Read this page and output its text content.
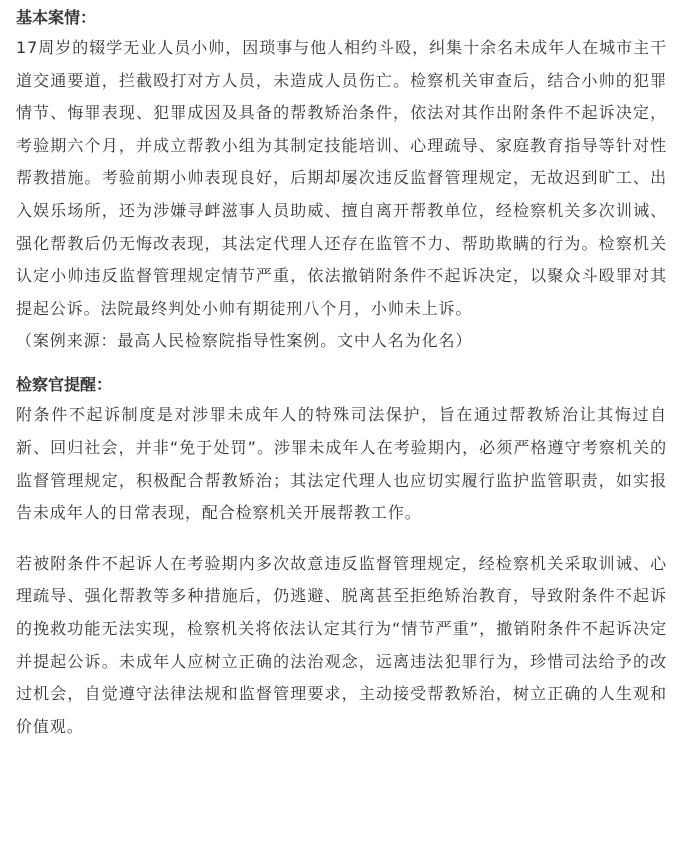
基本案情：

17周岁的辍学无业人员小帅，因琐事与他人相约斗殴，纠集十余名未成年人在城市主干道交通要道，拦截殴打对方人员，未造成人员伤亡。检察机关审查后，结合小帅的犯罪情节、悔罪表现、犯罪成因及具备的帮教矫治条件，依法对其作出附条件不起诉决定，考验期六个月，并成立帮教小组为其制定技能培训、心理疏导、家庭教育指导等针对性帮教措施。考验前期小帅表现良好，后期却屡次违反监督管理规定，无故迟到旷工、出入娱乐场所，还为涉嫌寻衅滋事人员助威、擅自离开帮教单位，经检察机关多次训诫、强化帮教后仍无悔改表现，其法定代理人还存在监管不力、帮助欺瞒的行为。检察机关认定小帅违反监督管理规定情节严重，依法撤销附条件不起诉决定，以聚众斗殴罪对其提起公诉。法院最终判处小帅有期徒刑八个月，小帅未上诉。

（案例来源：最高人民检察院指导性案例。文中人名为化名）

检察官提醒：

附条件不起诉制度是对涉罪未成年人的特殊司法保护，旨在通过帮教矫治让其悔过自新、回归社会，并非“免于处罚”。涉罪未成年人在考验期内，必须严格遵守考察机关的监督管理规定，积极配合帮教矫治；其法定代理人也应切实履行监护监管职责，如实报告未成年人的日常表现，配合检察机关开展帮教工作。

若被附条件不起诉人在考验期内多次故意违反监督管理规定，经检察机关采取训诫、心理疏导、强化帮教等多种措施后，仍逃避、脱离甚至拒绝矫治教育，导致附条件不起诉的挽救功能无法实现，检察机关将依法认定其行为“情节严重”，撤销附条件不起诉决定并提起公诉。未成年人应树立正确的法治观念，远离违法犯罪行为，珍惜司法给予的改过机会，自觉遵守法律法规和监督管理要求，主动接受帮教矫治，树立正确的人生观和价值观。
